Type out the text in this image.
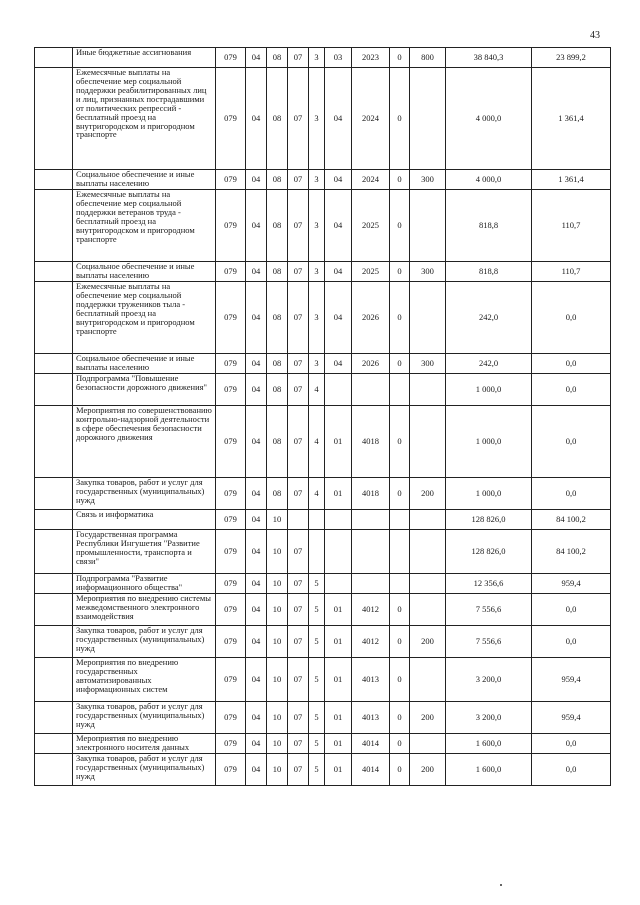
43
	Иные бюджетные ассигнования	079	04	08	07	3	03	2023	0	800	38 840,3	23 899,2
	Ежемесячные выплаты на обеспечение мер социальной поддержки реабилитированных лиц и лиц, признанных пострадавшими от политических репрессий - бесплатный проезд на внутригородском и пригородном транспорте	079	04	08	07	3	04	2024	0		4 000,0	1 361,4
	Социальное обеспечение и иные выплаты населению	079	04	08	07	3	04	2024	0	300	4 000,0	1 361,4
	Ежемесячные выплаты на обеспечение мер социальной поддержки ветеранов труда - бесплатный проезд на внутригородском и пригородном транспорте	079	04	08	07	3	04	2025	0		818,8	110,7
	Социальное обеспечение и иные выплаты населению	079	04	08	07	3	04	2025	0	300	818,8	110,7
	Ежемесячные выплаты на обеспечение мер социальной поддержки тружеников тыла - бесплатный проезд на внутригородском и пригородном транспорте	079	04	08	07	3	04	2026	0		242,0	0,0
	Социальное обеспечение и иные выплаты населению	079	04	08	07	3	04	2026	0	300	242,0	0,0
	Подпрограмма "Повышение безопасности дорожного движения"	079	04	08	07	4					1 000,0	0,0
	Мероприятия по совершенствованию контрольно-надзорной деятельности в сфере обеспечения безопасности дорожного движения	079	04	08	07	4	01	4018	0		1 000,0	0,0
	Закупка товаров, работ и услуг для государственных (муниципальных) нужд	079	04	08	07	4	01	4018	0	200	1 000,0	0,0
	Связь и информатика	079	04	10							128 826,0	84 100,2
	Государственная программа Республики Ингушетия "Развитие промышленности, транспорта и связи"	079	04	10	07						128 826,0	84 100,2
	Подпрограмма "Развитие информационного общества"	079	04	10	07	5					12 356,6	959,4
	Мероприятия по внедрению системы межведомственного электронного взаимодействия	079	04	10	07	5	01	4012	0		7 556,6	0,0
	Закупка товаров, работ и услуг для государственных (муниципальных) нужд	079	04	10	07	5	01	4012	0	200	7 556,6	0,0
	Мероприятия по внедрению государственных автоматизированных информационных систем	079	04	10	07	5	01	4013	0		3 200,0	959,4
	Закупка товаров, работ и услуг для государственных (муниципальных) нужд	079	04	10	07	5	01	4013	0	200	3 200,0	959,4
	Мероприятия по внедрению электронного носителя данных	079	04	10	07	5	01	4014	0		1 600,0	0,0
	Закупка товаров, работ и услуг для государственных (муниципальных) нужд	079	04	10	07	5	01	4014	0	200	1 600,0	0,0
